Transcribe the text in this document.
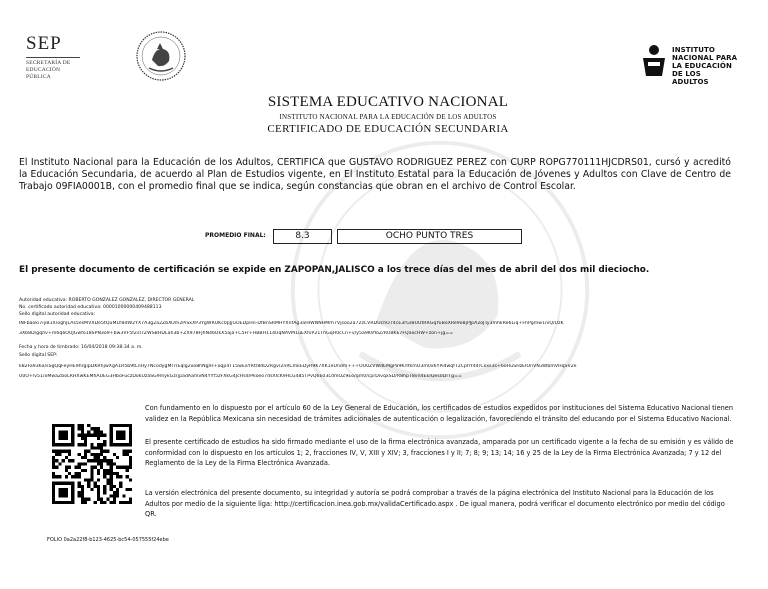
SEP
SECRETARÍA DE
EDUCACIÓN PÚBLICA
INSTITUTO
NACIONAL PARA
LA EDUCACIÓN
DE LOS ADULTOS
SISTEMA EDUCATIVO NACIONAL
INSTITUTO NACIONAL PARA LA EDUCACIÓN DE LOS ADULTOS
CERTIFICADO DE EDUCACIÓN SECUNDARIA
El Instituto Nacional para la Educación de los Adultos, CERTIFICA que GUSTAVO RODRIGUEZ PEREZ con CURP ROPG770111HJCDRS01, cursó y acreditó la Educación Secundaria, de acuerdo al Plan de Estudios vigente, en El Instituto Estatal para la Educación de Jóvenes y Adultos con Clave de Centro de Trabajo 09FIA0001B, con el promedio final que se indica, según constancias que obran en el archivo de Control Escolar.
PROMEDIO FINAL:	8.3	OCHO PUNTO TRES
El presente documento de certificación se expide en ZAPOPAN,JALISCO a los trece días del mes de abril del dos mil dieciocho.
Autoridad educativa: ROBERTO GONZALEZ GONZALEZ, DIRECTOR GENERAL
No. certificado autoridad educativa: 00001000000409488113
Sello digital autoridad educativa:
INFbaoki7iyB1X/oghJLAs5esMVXDe5tQuMLYBdW2YX7A3g2a2ZbXOm2PiSxXP3YgWRUKc0pJjGOEDpHn-DfBnSRMHYXnfAg3aHIWNNHMrh7Vjsoo2a72zCVRDUchO74cE3rG/BUUtRRGqYuBoXRe9o8jPJpA2oJTy3mhkRe6Liq+FhPgmw1niQ/UzK
3Xb8D/gqhv+m6q6OUJGwfo18SPN3o9+bw3VF5fZsI7ZWSBHDLah3b+ZX978FJhN46UkX5aja+C5Fr+HBBH114UqNAVM1uEXfvP21ThGqH0cCn+v/y5a9K9YoZ/RU8KE7FQaxcHW+zon+jg==
Fecha y hora de timbrado: 16/04/2018 09:38:34 a. m.
Sello digital SEP:
k82Fa936a/sSgQqFeyHE9hrgipDKRhjwXgA1R5b9tLnHy7NcodygMI7/Eqlg2xo8hNg/H+oqp4T15wEaYRt/8dD2Rgv/2nRCmkEDyR9K7XK1eUndm+++OU0ZVWdEMgPa9KrIfkmO3m0x6YPidwqfT2CpfiY44/Cxxs3s+6oHuSHzEIOnVN3WbmVHqSV2e
U0O+lv51/xMwaZboLRHXwKEMhAUEG3HboFuczDokUzaSG9mykGzrjpadAamvN4YYf5zFXkG4JcHsd/Pkoeo7dsXIcK9HLG485TPvQ6E03LdmOZ9Eo/qm0/cprDivqxSD/R8hpT8vn4EEIQes0DrTg==
Con fundamento en lo dispuesto por el artículo 60 de la Ley General de Educación, los certificados de estudios expedidos por instituciones del Sistema Educativo Nacional tienen validez en la República Mexicana sin necesidad de trámites adicionales de autenticación o legalización, favoreciendo el tránsito del educando por el Sistema Educativo Nacional.
El presente certificado de estudios ha sido firmado mediante el uso de la firma electrónica avanzada, amparada por un certificado vigente a la fecha de su emisión y es válido de conformidad con lo dispuesto en los artículos 1; 2, fracciones IV, V, XIII y XIV; 3, fracciones I y II; 7; 8; 9; 13; 14; 16 y 25 de la Ley de la Firma Electrónica Avanzada; 7 y 12 del Reglamento de la Ley de la Firma Electrónica Avanzada.
La versión electrónica del presente documento, su integridad y autoría se podrá comprobar a través de la página electrónica del Instituto Nacional para la Educación de los Adultos por medio de la siguiente liga: http://certificacion.inea.gob.mx/validaCertificado.aspx . De igual manera, podrá verificar el documento electrónico por medio del código QR.
FOLIO 0a2a22f8-b123-4625-bc54-057555f24ebe
